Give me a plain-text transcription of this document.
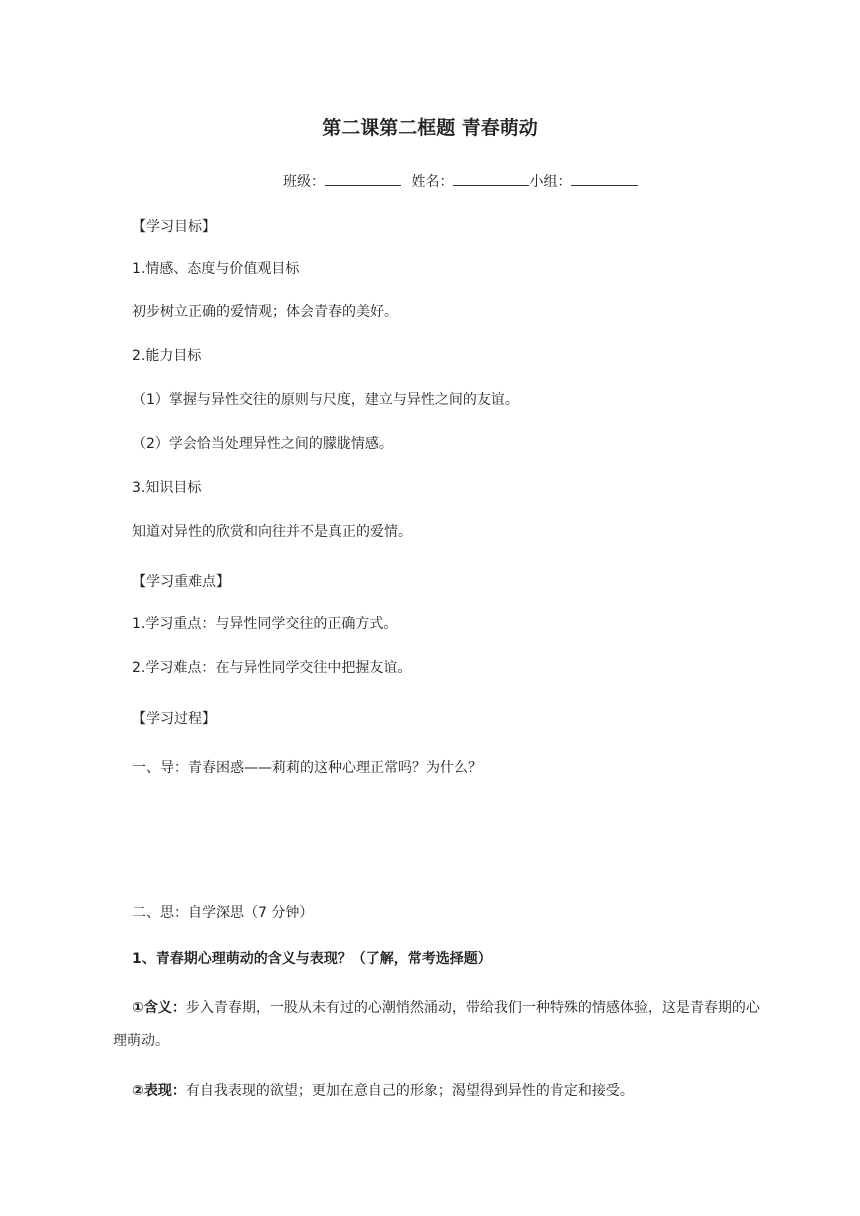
第二课第二框题 青春萌动
班级：	姓名：	小组：
【学习目标】
1.情感、态度与价值观目标
初步树立正确的爱情观；体会青春的美好。
2.能力目标
（1）掌握与异性交往的原则与尺度，建立与异性之间的友谊。
（2）学会恰当处理异性之间的朦胧情感。
3.知识目标
知道对异性的欣赏和向往并不是真正的爱情。
【学习重难点】
1.学习重点：与异性同学交往的正确方式。
2.学习难点：在与异性同学交往中把握友谊。
【学习过程】
一、导：青春困惑——莉莉的这种心理正常吗？为什么？
二、思：自学深思（7 分钟）
1、青春期心理萌动的含义与表现？（了解，常考选择题）
①含义：步入青春期，一股从未有过的心潮悄然涌动，带给我们一种特殊的情感体验，这是青春期的心理萌动。
②表现：有自我表现的欲望；更加在意自己的形象；渴望得到异性的肯定和接受。
